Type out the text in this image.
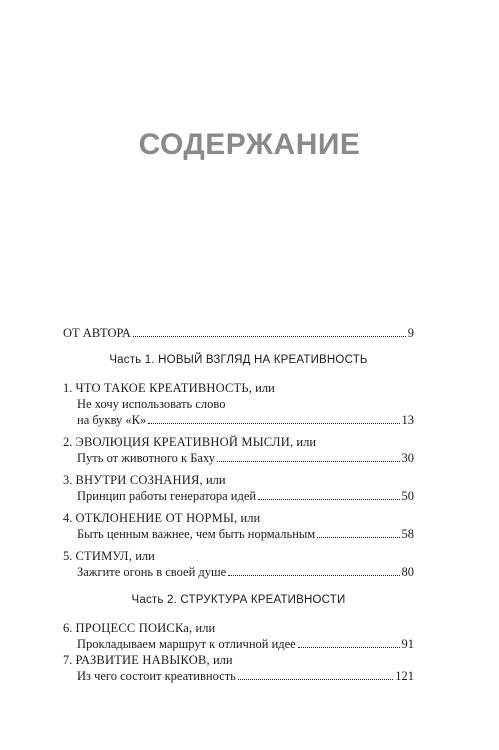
СОДЕРЖАНИЕ
ОТ АВТОРА	9
Часть 1. НОВЫЙ ВЗГЛЯД НА КРЕАТИВНОСТЬ
1. ЧТО ТАКОЕ КРЕАТИВНОСТЬ, или
Не хочу использовать слово
на букву «К»	13
2. ЭВОЛЮЦИЯ КРЕАТИВНОЙ МЫСЛИ, или
Путь от животного к Баху	30
3. ВНУТРИ СОЗНАНИЯ, или
Принцип работы генератора идей	50
4. ОТКЛОНЕНИЕ ОТ НОРМЫ, или
Быть ценным важнее, чем быть нормальным	58
5. СТИМУЛ, или
Зажгите огонь в своей душе	80
Часть 2. СТРУКТУРА КРЕАТИВНОСТИ
6. ПРОЦЕСС ПОИСКа, или
Прокладываем маршрут к отличной идее	91
7. РАЗВИТИЕ НАВЫКОВ, или
Из чего состоит креативность	121
